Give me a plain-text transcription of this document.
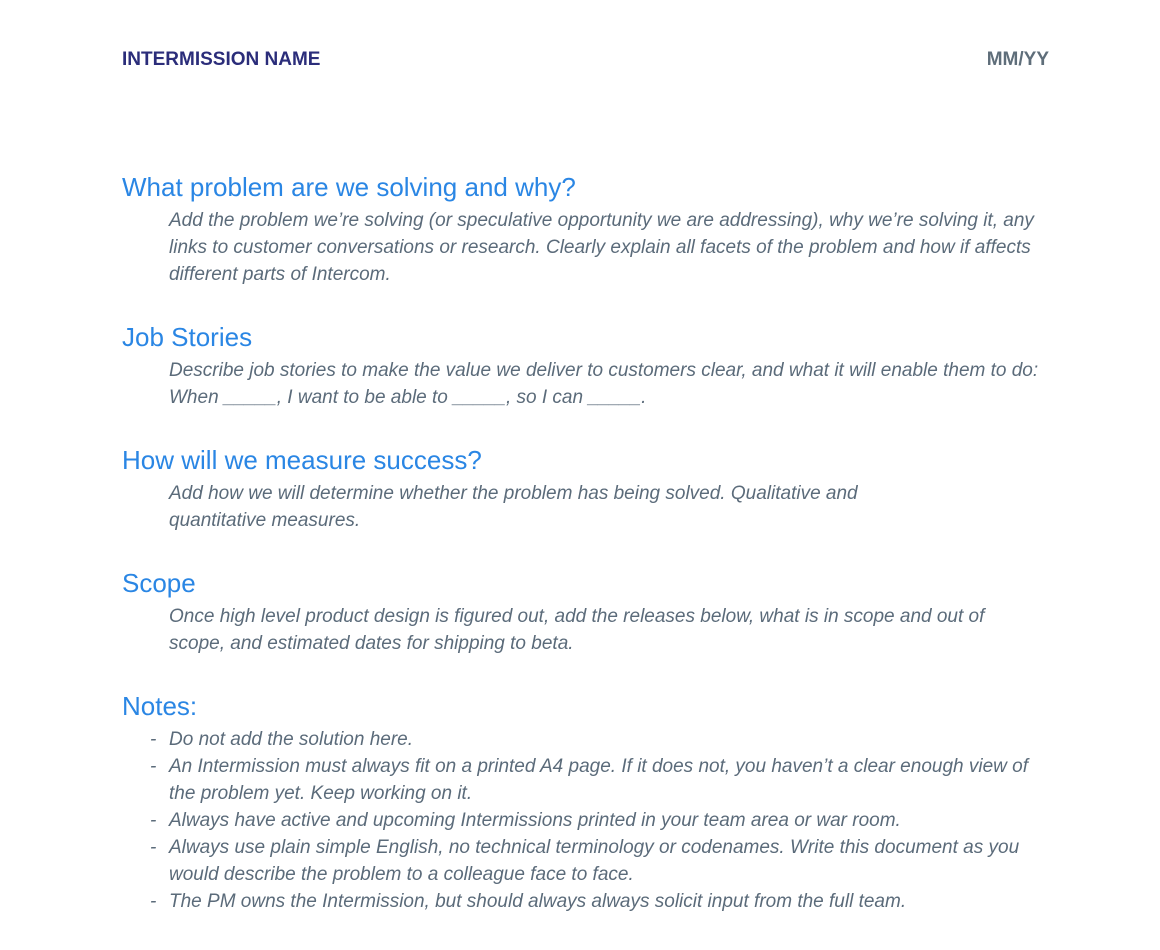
INTERMISSION NAME	MM/YY
What problem are we solving and why?

Add the problem we’re solving (or speculative opportunity we are addressing), why we’re solving it, any links to customer conversations or research. Clearly explain all facets of the problem and how if affects different parts of Intercom.

Job Stories

Describe job stories to make the value we deliver to customers clear, and what it will enable them to do: When _____, I want to be able to _____, so I can _____.

How will we measure success?

Add how we will determine whether the problem has being solved. Qualitative and quantitative measures.

Scope

Once high level product design is figured out, add the releases below, what is in scope and out of scope, and estimated dates for shipping to beta.

Notes:
- Do not add the solution here.
- An Intermission must always fit on a printed A4 page. If it does not, you haven’t a clear enough view of the problem yet. Keep working on it.
- Always have active and upcoming Intermissions printed in your team area or war room.
- Always use plain simple English, no technical terminology or codenames. Write this document as you would describe the problem to a colleague face to face.
- The PM owns the Intermission, but should always always solicit input from the full team.
